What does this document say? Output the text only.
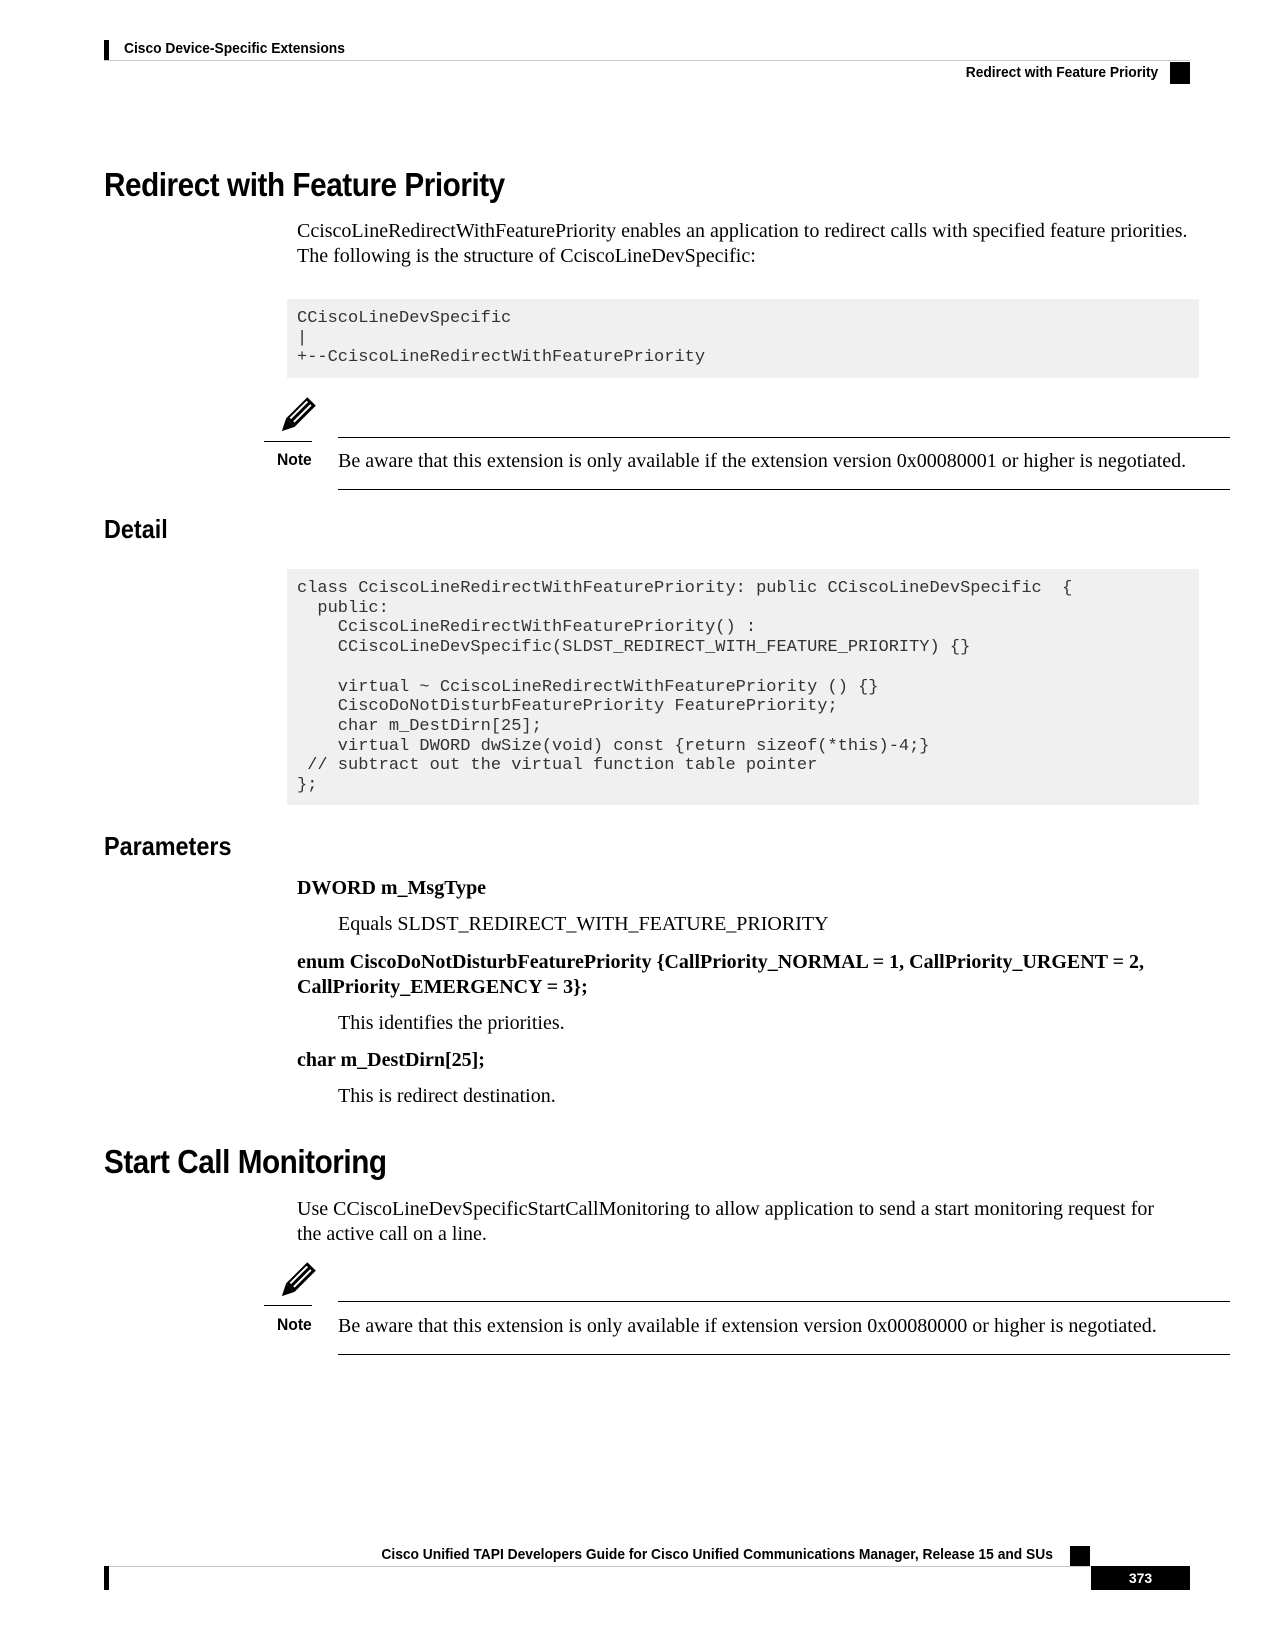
Cisco Device-Specific Extensions
Redirect with Feature Priority
Redirect with Feature Priority
CciscoLineRedirectWithFeaturePriority enables an application to redirect calls with specified feature priorities.
The following is the structure of CciscoLineDevSpecific:
CCiscoLineDevSpecific
|
+--CciscoLineRedirectWithFeaturePriority
Note Be aware that this extension is only available if the extension version 0x00080001 or higher is negotiated.
Detail
class CciscoLineRedirectWithFeaturePriority: public CCiscoLineDevSpecific  {
public:
CciscoLineRedirectWithFeaturePriority() :
CCiscoLineDevSpecific(SLDST_REDIRECT_WITH_FEATURE_PRIORITY) {}

virtual ~ CciscoLineRedirectWithFeaturePriority () {}
CiscoDoNotDisturbFeaturePriority FeaturePriority;
char m_DestDirn[25];
virtual DWORD dwSize(void) const {return sizeof(*this)-4;}
// subtract out the virtual function table pointer
};
Parameters
DWORD m_MsgType
Equals SLDST_REDIRECT_WITH_FEATURE_PRIORITY
enum CiscoDoNotDisturbFeaturePriority {CallPriority_NORMAL = 1, CallPriority_URGENT = 2, CallPriority_EMERGENCY = 3};
This identifies the priorities.
char m_DestDirn[25];
This is redirect destination.
Start Call Monitoring
Use CCiscoLineDevSpecificStartCallMonitoring to allow application to send a start monitoring request for
the active call on a line.
Note Be aware that this extension is only available if extension version 0x00080000 or higher is negotiated.
Cisco Unified TAPI Developers Guide for Cisco Unified Communications Manager, Release 15 and SUs
373
